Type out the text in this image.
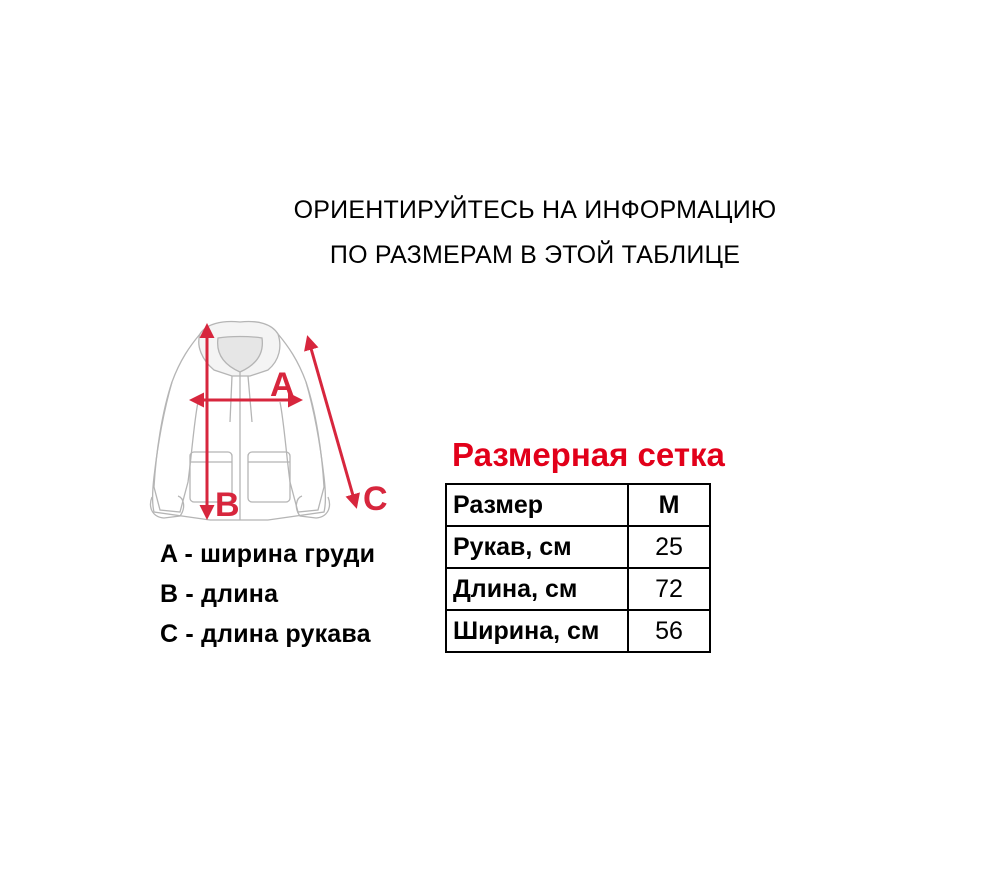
ОРИЕНТИРУЙТЕСЬ НА ИНФОРМАЦИЮ
ПО РАЗМЕРАМ В ЭТОЙ ТАБЛИЦЕ
A
B	C
A - ширина груди
B - длина
C - длина рукава
Размерная сетка
Размер	M
Рукав, см	25
Длина, см	72
Ширина, см	56
